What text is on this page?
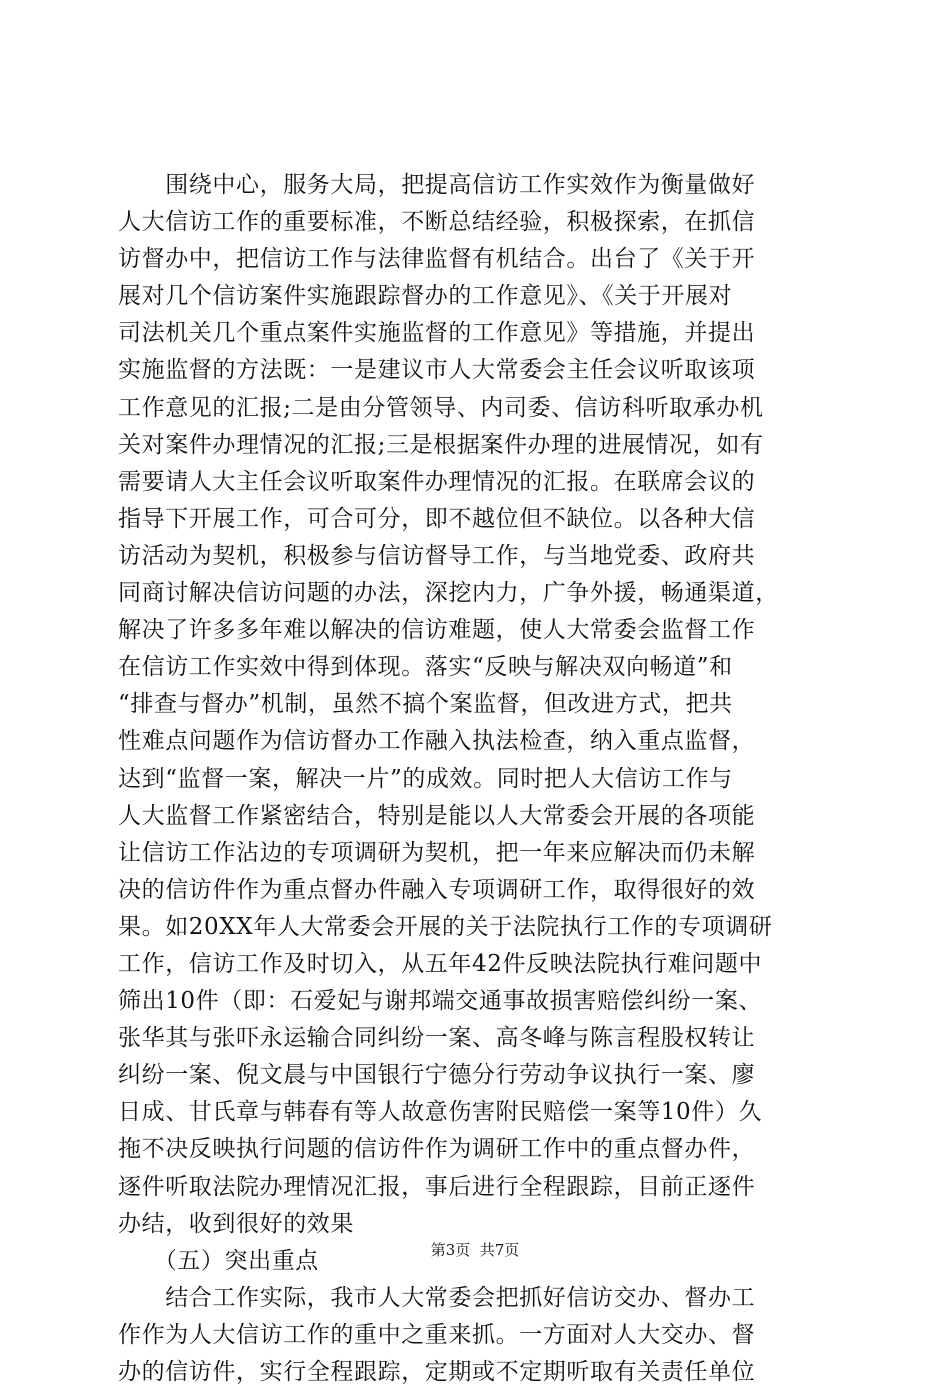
　　围绕中心，服务大局，把提高信访工作实效作为衡量做好
人大信访工作的重要标准，不断总结经验，积极探索，在抓信
访督办中，把信访工作与法律监督有机结合。出台了《关于开
展对几个信访案件实施跟踪督办的工作意见》、《关于开展对
司法机关几个重点案件实施监督的工作意见》等措施，并提出
实施监督的方法既：一是建议市人大常委会主任会议听取该项
工作意见的汇报;二是由分管领导、内司委、信访科听取承办机
关对案件办理情况的汇报;三是根据案件办理的进展情况，如有
需要请人大主任会议听取案件办理情况的汇报。在联席会议的
指导下开展工作，可合可分，即不越位但不缺位。以各种大信
访活动为契机，积极参与信访督导工作，与当地党委、政府共
同商讨解决信访问题的办法，深挖内力，广争外援，畅通渠道，
解决了许多多年难以解决的信访难题，使人大常委会监督工作
在信访工作实效中得到体现。落实“反映与解决双向畅道”和
“排查与督办”机制，虽然不搞个案监督，但改进方式，把共
性难点问题作为信访督办工作融入执法检查，纳入重点监督，
达到“监督一案，解决一片”的成效。同时把人大信访工作与
人大监督工作紧密结合，特别是能以人大常委会开展的各项能
让信访工作沾边的专项调研为契机，把一年来应解决而仍未解
决的信访件作为重点督办件融入专项调研工作，取得很好的效
果。如20XX年人大常委会开展的关于法院执行工作的专项调研
工作，信访工作及时切入，从五年42件反映法院执行难问题中
筛出10件（即：石爱妃与谢邦端交通事故损害赔偿纠纷一案、
张华其与张吓永运输合同纠纷一案、高冬峰与陈言程股权转让
纠纷一案、倪文晨与中国银行宁德分行劳动争议执行一案、廖
日成、甘氏章与韩春有等人故意伤害附民赔偿一案等10件）久
拖不决反映执行问题的信访件作为调研工作中的重点督办件，
逐件听取法院办理情况汇报，事后进行全程跟踪，目前正逐件
办结，收到很好的效果
　　（五）突出重点
　　结合工作实际，我市人大常委会把抓好信访交办、督办工
作作为人大信访工作的重中之重来抓。一方面对人大交办、督
办的信访件，实行全程跟踪，定期或不定期听取有关责任单位
第3页  共7页
